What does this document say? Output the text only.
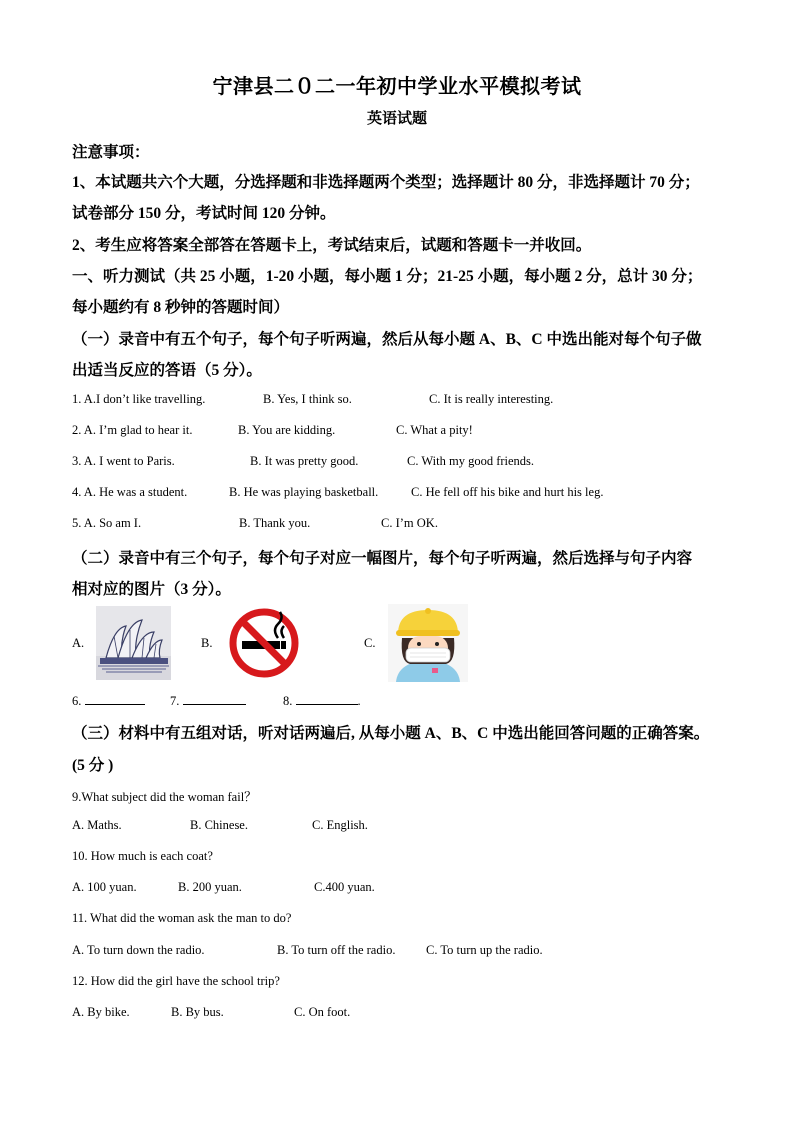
宁津县二０二一年初中学业水平模拟考试
英语试题
注意事项：
1、本试题共六个大题，分选择题和非选择题两个类型；选择题计 80 分，非选择题计 70 分；
试卷部分 150 分，考试时间 120 分钟。
2、考生应将答案全部答在答题卡上，考试结束后，试题和答题卡一并收回。
一、听力测试（共 25 小题，1-20 小题，每小题 1 分；21-25 小题，每小题 2 分，总计 30 分；
每小题约有 8 秒钟的答题时间）
（一）录音中有五个句子，每个句子听两遍，然后从每小题 A、B、C 中选出能对每个句子做
出适当反应的答语（5 分）。
1. A.I don’t like travelling.	B. Yes, I think so.	C. It is really interesting.
2. A. I’m glad to hear it.	B. You are kidding.	C. What a pity!
3. A. I went to Paris.	B. It was pretty good.	C. With my good friends.
4. A. He was a student.	B. He was playing basketball.	C. He fell off his bike and hurt his leg.
5. A. So am I.	B. Thank you.	C. I’m OK.
（二）录音中有三个句子，每个句子对应一幅图片，每个句子听两遍，然后选择与句子内容
相对应的图片（3 分）。
A.	B.	C.
6.	7.	8.	.
（三）材料中有五组对话，听对话两遍后, 从每小题 A、B、C 中选出能回答问题的正确答案。
(5 分 )
9.What subject did the woman fail？
A. Maths.	B. Chinese.	C. English.
10. How much is each coat?
A. 100 yuan.	B. 200 yuan.	C.400 yuan.
11. What did the woman ask the man to do?
A. To turn down the radio.	B. To turn off the radio. C. To turn up the radio.
12. How did the girl have the school trip?
A. By bike.	B. By bus.	C. On foot.
